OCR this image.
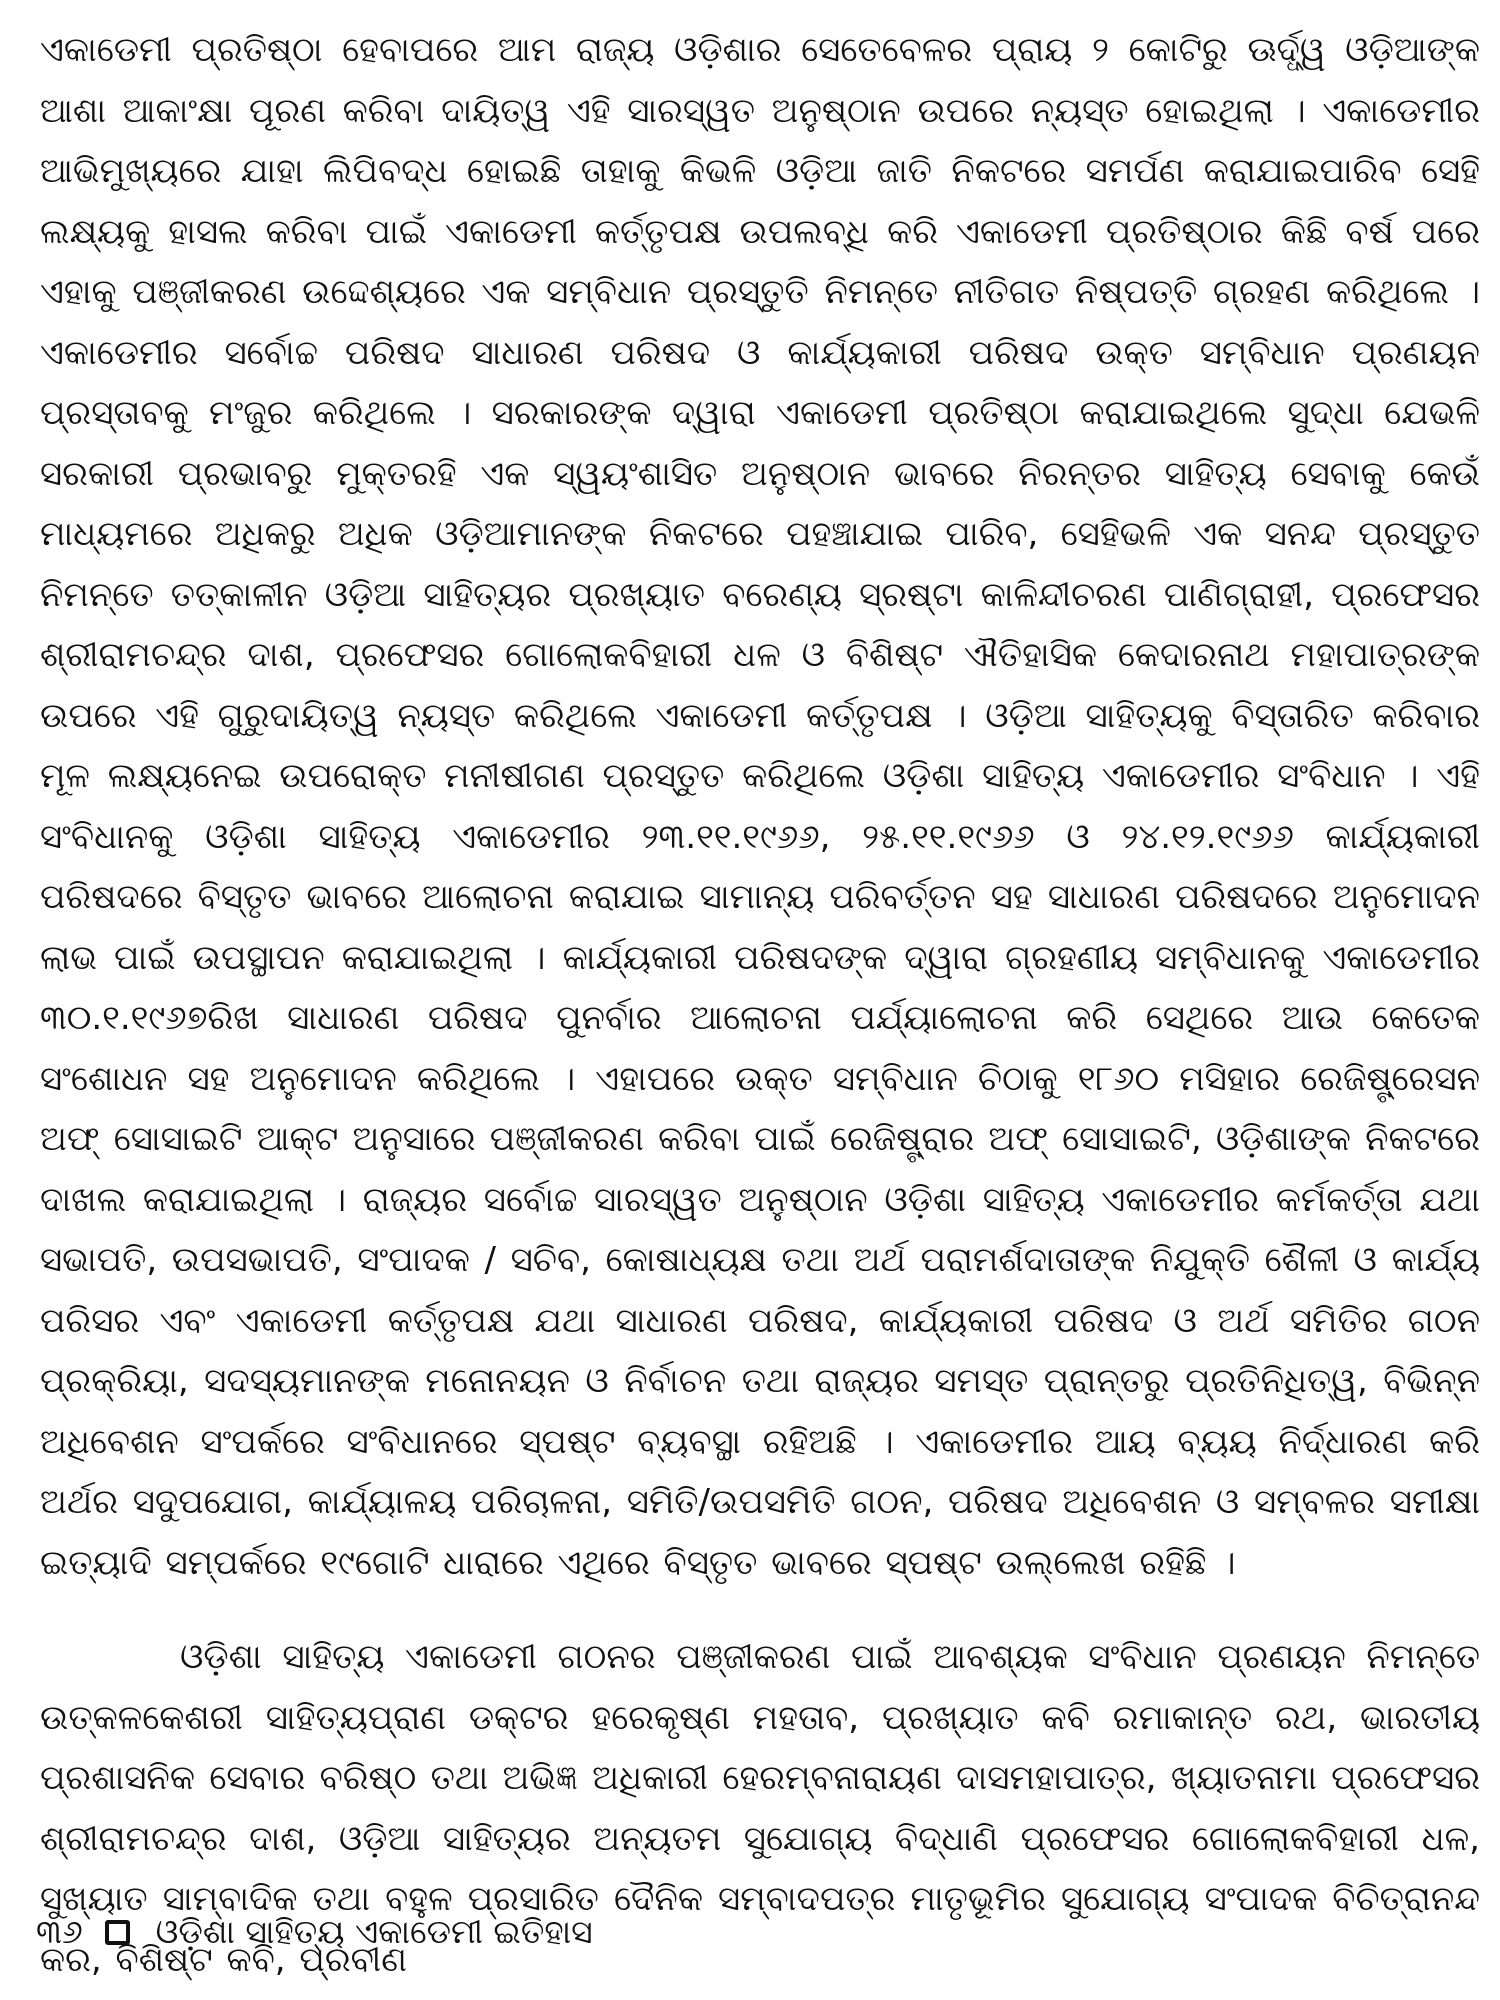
ଏକାଡେମୀ ପ୍ରତିଷ୍ଠା ହେବାପରେ ଆମ ରାଜ୍ୟ ଓଡ଼ିଶାର ସେତେବେଳର ପ୍ରାୟ ୨ କୋଟିରୁ ଊର୍ଦ୍ଧ୍ୱ ଓଡ଼ିଆଙ୍କ ଆଶା ଆକାଂକ୍ଷା ପୂରଣ କରିବା ଦାୟିତ୍ୱ ଏହି ସାରସ୍ୱତ ଅନୁଷ୍ଠାନ ଉପରେ ନ୍ୟସ୍ତ ହୋଇଥିଲା । ଏକାଡେମୀର ଆଭିମୁଖ୍ୟରେ ଯାହା ଲିପିବଦ୍ଧ ହୋଇଛି ତାହାକୁ କିଭଳି ଓଡ଼ିଆ ଜାତି ନିକଟରେ ସମର୍ପଣ କରାଯାଇପାରିବ ସେହି ଲକ୍ଷ୍ୟକୁ ହାସଲ କରିବା ପାଇଁ ଏକାଡେମୀ କର୍ତ୍ତୃପକ୍ଷ ଉପଲବ୍ଧି କରି ଏକାଡେମୀ ପ୍ରତିଷ୍ଠାର କିଛି ବର୍ଷ ପରେ ଏହାକୁ ପଞ୍ଜୀକରଣ ଉଦ୍ଦେଶ୍ୟରେ ଏକ ସମ୍ବିଧାନ ପ୍ରସ୍ତୁତି ନିମନ୍ତେ ନୀତିଗତ ନିଷ୍ପତ୍ତି ଗ୍ରହଣ କରିଥିଲେ । ଏକାଡେମୀର ସର୍ବୋଚ୍ଚ ପରିଷଦ ସାଧାରଣ ପରିଷଦ ଓ କାର୍ଯ୍ୟକାରୀ ପରିଷଦ ଉକ୍ତ ସମ୍ବିଧାନ ପ୍ରଣୟନ ପ୍ରସ୍ତାବକୁ ମଂଜୁର କରିଥିଲେ । ସରକାରଙ୍କ ଦ୍ୱାରା ଏକାଡେମୀ ପ୍ରତିଷ୍ଠା କରାଯାଇଥିଲେ ସୁଦ୍ଧା ଯେଭଳି ସରକାରୀ ପ୍ରଭାବରୁ ମୁକ୍ତରହି ଏକ ସ୍ୱୟଂଶାସିତ ଅନୁଷ୍ଠାନ ଭାବରେ ନିରନ୍ତର ସାହିତ୍ୟ ସେବାକୁ କେଉଁ ମାଧ୍ୟମରେ ଅଧିକରୁ ଅଧିକ ଓଡ଼ିଆମାନଙ୍କ ନିକଟରେ ପହଞ୍ଚାଯାଇ ପାରିବ, ସେହିଭଳି ଏକ ସନନ୍ଦ ପ୍ରସ୍ତୁତ ନିମନ୍ତେ ତତ୍କାଳୀନ ଓଡ଼ିଆ ସାହିତ୍ୟର ପ୍ରଖ୍ୟାତ ବରେଣ୍ୟ ସ୍ରଷ୍ଟା କାଳିନ୍ଦୀଚରଣ ପାଣିଗ୍ରାହୀ, ପ୍ରଫେସର ଶ୍ରୀରାମଚନ୍ଦ୍ର ଦାଶ, ପ୍ରଫେସର ଗୋଲୋକବିହାରୀ ଧଳ ଓ ବିଶିଷ୍ଟ ଐତିହାସିକ କେଦାରନାଥ ମହାପାତ୍ରଙ୍କ ଉପରେ ଏହି ଗୁରୁଦାୟିତ୍ୱ ନ୍ୟସ୍ତ କରିଥିଲେ ଏକାଡେମୀ କର୍ତ୍ତୃପକ୍ଷ । ଓଡ଼ିଆ ସାହିତ୍ୟକୁ ବିସ୍ତାରିତ କରିବାର ମୂଳ ଲକ୍ଷ୍ୟନେଇ ଉପରୋକ୍ତ ମନୀଷୀଗଣ ପ୍ରସ୍ତୁତ କରିଥିଲେ ଓଡ଼ିଶା ସାହିତ୍ୟ ଏକାଡେମୀର ସଂବିଧାନ । ଏହି ସଂବିଧାନକୁ ଓଡ଼ିଶା ସାହିତ୍ୟ ଏକାଡେମୀର ୨୩.୧୧.୧୯୬୬, ୨୫.୧୧.୧୯୬୬ ଓ ୨୪.୧୨.୧୯୬୬ କାର୍ଯ୍ୟକାରୀ ପରିଷଦରେ ବିସ୍ତୃତ ଭାବରେ ଆଲୋଚନା କରାଯାଇ ସାମାନ୍ୟ ପରିବର୍ତ୍ତନ ସହ ସାଧାରଣ ପରିଷଦରେ ଅନୁମୋଦନ ଲାଭ ପାଇଁ ଉପସ୍ଥାପନ କରାଯାଇଥିଲା । କାର୍ଯ୍ୟକାରୀ ପରିଷଦଙ୍କ ଦ୍ୱାରା ଗ୍ରହଣୀୟ ସମ୍ବିଧାନକୁ ଏକାଡେମୀର ୩୦.୧.୧୯୬୭ରିଖ ସାଧାରଣ ପରିଷଦ ପୁନର୍ବାର ଆଲୋଚନା ପର୍ଯ୍ୟାଲୋଚନା କରି ସେଥିରେ ଆଉ କେତେକ ସଂଶୋଧନ ସହ ଅନୁମୋଦନ କରିଥିଲେ । ଏହାପରେ ଉକ୍ତ ସମ୍ବିଧାନ ଚିଠାକୁ ୧୮୬୦ ମସିହାର ରେଜିଷ୍ଟ୍ରେସନ ଅଫ୍ ସୋସାଇଟି ଆକ୍ଟ ଅନୁସାରେ ପଞ୍ଜୀକରଣ କରିବା ପାଇଁ ରେଜିଷ୍ଟ୍ରାର ଅଫ୍ ସୋସାଇଟି, ଓଡ଼ିଶାଙ୍କ ନିକଟରେ ଦାଖଲ କରାଯାଇଥିଲା । ରାଜ୍ୟର ସର୍ବୋଚ୍ଚ ସାରସ୍ୱତ ଅନୁଷ୍ଠାନ ଓଡ଼ିଶା ସାହିତ୍ୟ ଏକାଡେମୀର କର୍ମକର୍ତ୍ତା ଯଥା ସଭାପତି, ଉପସଭାପତି, ସଂପାଦକ / ସଚିବ, କୋଷାଧ୍ୟକ୍ଷ ତଥା ଅର୍ଥ ପରାମର୍ଶଦାତାଙ୍କ ନିଯୁକ୍ତି ଶୈଳୀ ଓ କାର୍ଯ୍ୟ ପରିସର ଏବଂ ଏକାଡେମୀ କର୍ତ୍ତୃପକ୍ଷ ଯଥା ସାଧାରଣ ପରିଷଦ, କାର୍ଯ୍ୟକାରୀ ପରିଷଦ ଓ ଅର୍ଥ ସମିତିର ଗଠନ ପ୍ରକ୍ରିୟା, ସଦସ୍ୟମାନଙ୍କ ମନୋନୟନ ଓ ନିର୍ବାଚନ ତଥା ରାଜ୍ୟର ସମସ୍ତ ପ୍ରାନ୍ତରୁ ପ୍ରତିନିଧିତ୍ୱ, ବିଭିନ୍ନ ଅଧିବେଶନ ସଂପର୍କରେ ସଂବିଧାନରେ ସ୍ପଷ୍ଟ ବ୍ୟବସ୍ଥା ରହିଅଛି । ଏକାଡେମୀର ଆୟ ବ୍ୟୟ ନିର୍ଦ୍ଧାରଣ କରି ଅର୍ଥର ସଦୁପଯୋଗ, କାର୍ଯ୍ୟାଳୟ ପରିଚାଳନା, ସମିତି/ଉପସମିତି ଗଠନ, ପରିଷଦ ଅଧିବେଶନ ଓ ସମ୍ବଳର ସମୀକ୍ଷା ଇତ୍ୟାଦି ସମ୍ପର୍କରେ ୧୯ଗୋଟି ଧାରାରେ ଏଥିରେ ବିସ୍ତୃତ ଭାବରେ ସ୍ପଷ୍ଟ ଉଲ୍ଲେଖ ରହିଛି ।

ଓଡ଼ିଶା ସାହିତ୍ୟ ଏକାଡେମୀ ଗଠନର ପଞ୍ଜୀକରଣ ପାଇଁ ଆବଶ୍ୟକ ସଂବିଧାନ ପ୍ରଣୟନ ନିମନ୍ତେ ଉତ୍କଳକେଶରୀ ସାହିତ୍ୟପ୍ରାଣ ଡକ୍ଟର ହରେକୃଷ୍ଣ ମହତାବ, ପ୍ରଖ୍ୟାତ କବି ରମାକାନ୍ତ ରଥ, ଭାରତୀୟ ପ୍ରଶାସନିକ ସେବାର ବରିଷ୍ଠ ତଥା ଅଭିଜ୍ଞ ଅଧିକାରୀ ହେରମ୍ବନାରାୟଣ ଦାସମହାପାତ୍ର, ଖ୍ୟାତନାମା ପ୍ରଫେସର ଶ୍ରୀରାମଚନ୍ଦ୍ର ଦାଶ, ଓଡ଼ିଆ ସାହିତ୍ୟର ଅନ୍ୟତମ ସୁଯୋଗ୍ୟ ବିଦ୍ଧାଣି ପ୍ରଫେସର ଗୋଲୋକବିହାରୀ ଧଳ, ସୁଖ୍ୟାତ ସାମ୍ବାଦିକ ତଥା ବହୁଳ ପ୍ରସାରିତ ଦୈନିକ ସମ୍ବାଦପତ୍ର ମାତୃଭୂମିର ସୁଯୋଗ୍ୟ ସଂପାଦକ ବିଚିତ୍ରାନନ୍ଦ କର, ବିଶିଷ୍ଟ କବି, ପ୍ରବୀଣ

୩୬ ଓଡ଼ିଶା ସାହିତ୍ୟ ଏକାଡେମୀ ଇତିହାସ
